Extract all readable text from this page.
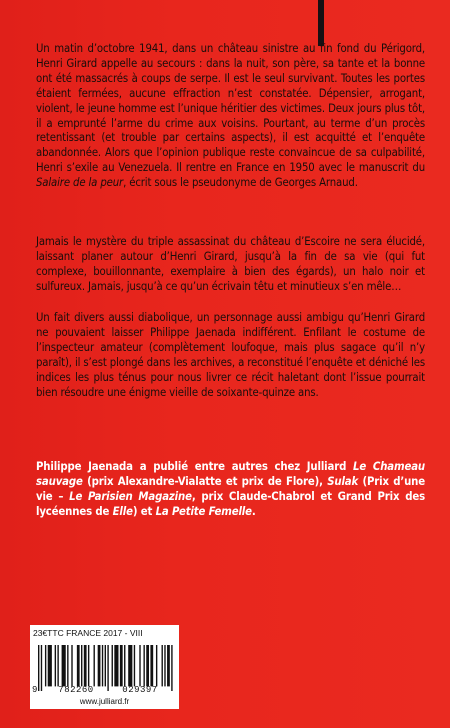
Un matin d’octobre 1941, dans un château sinistre au fin fond du Périgord, Henri Girard appelle au secours : dans la nuit, son père, sa tante et la bonne ont été massacrés à coups de serpe. Il est le seul survivant. Toutes les portes étaient fermées, aucune effraction n’est constatée. Dépensier, arrogant, violent, le jeune homme est l’unique héritier des victimes. Deux jours plus tôt, il a emprunté l’arme du crime aux voisins. Pourtant, au terme d’un procès retentissant (et trouble par certains aspects), il est acquitté et l’enquête abandonnée. Alors que l’opinion publique reste convaincue de sa culpabilité, Henri s’exile au Venezuela. Il rentre en France en 1950 avec le manuscrit du Salaire de la peur, écrit sous le pseudonyme de Georges Arnaud.

Jamais le mystère du triple assassinat du château d’Escoire ne sera élucidé, laissant planer autour d’Henri Girard, jusqu’à la fin de sa vie (qui fut complexe, bouillonnante, exemplaire à bien des égards), un halo noir et sulfureux. Jamais, jusqu’à ce qu’un écrivain têtu et minutieux s’en mêle…

Un fait divers aussi diabolique, un personnage aussi ambigu qu’Henri Girard ne pouvaient laisser Philippe Jaenada indifférent. Enfilant le costume de l’inspecteur amateur (complètement loufoque, mais plus sagace qu’il n’y paraît), il s’est plongé dans les archives, a reconstitué l’enquête et déniché les indices les plus ténus pour nous livrer ce récit haletant dont l’issue pourrait bien résoudre une énigme vieille de soixante-quinze ans.

Philippe Jaenada a publié entre autres chez Julliard Le Chameau sauvage (prix Alexandre-Vialatte et prix de Flore), Sulak (Prix d’une vie – Le Parisien Magazine, prix Claude-Chabrol et Grand Prix des lycéennes de Elle) et La Petite Femelle.

23€TTC FRANCE 2017 - VIII
9 782260	029397
www.julliard.fr
